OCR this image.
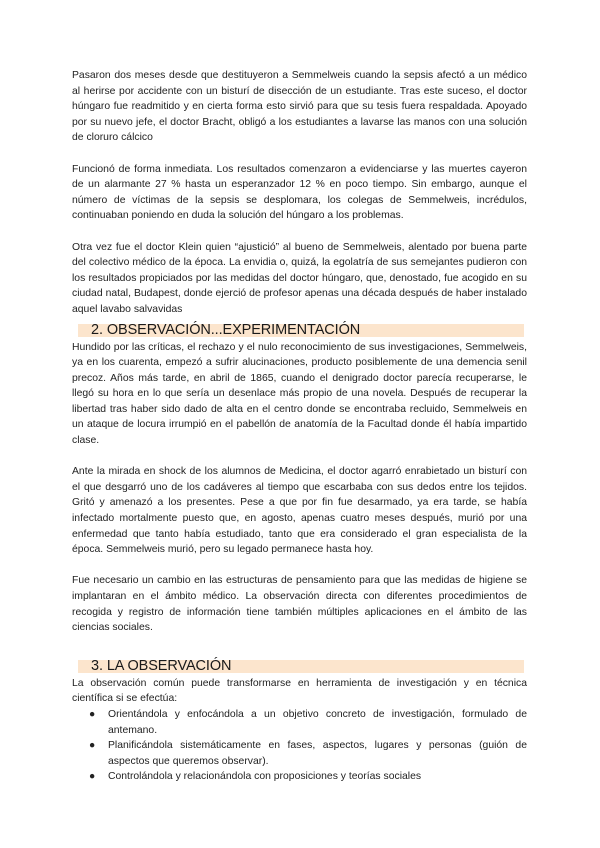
Pasaron dos meses desde que destituyeron a Semmelweis cuando la sepsis afectó a un médico al herirse por accidente con un bisturí de disección de un estudiante. Tras este suceso, el doctor húngaro fue readmitido y en cierta forma esto sirvió para que su tesis fuera respaldada. Apoyado por su nuevo jefe, el doctor Bracht, obligó a los estudiantes a lavarse las manos con una solución de cloruro cálcico

Funcionó de forma inmediata. Los resultados comenzaron a evidenciarse y las muertes cayeron de un alarmante 27 % hasta un esperanzador 12 % en poco tiempo. Sin embargo, aunque el número de víctimas de la sepsis se desplomara, los colegas de Semmelweis, incrédulos, continuaban poniendo en duda la solución del húngaro a los problemas.

Otra vez fue el doctor Klein quien “ajustició” al bueno de Semmelweis, alentado por buena parte del colectivo médico de la época. La envidia o, quizá, la egolatría de sus semejantes pudieron con los resultados propiciados por las medidas del doctor húngaro, que, denostado, fue acogido en su ciudad natal, Budapest, donde ejerció de profesor apenas una década después de haber instalado aquel lavabo salvavidas

2. OBSERVACIÓN...EXPERIMENTACIÓN

Hundido por las críticas, el rechazo y el nulo reconocimiento de sus investigaciones, Semmelweis, ya en los cuarenta, empezó a sufrir alucinaciones, producto posiblemente de una demencia senil precoz. Años más tarde, en abril de 1865, cuando el denigrado doctor parecía recuperarse, le llegó su hora en lo que sería un desenlace más propio de una novela. Después de recuperar la libertad tras haber sido dado de alta en el centro donde se encontraba recluido, Semmelweis en un ataque de locura irrumpió en el pabellón de anatomía de la Facultad donde él había impartido clase.

Ante la mirada en shock de los alumnos de Medicina, el doctor agarró enrabietado un bisturí con el que desgarró uno de los cadáveres al tiempo que escarbaba con sus dedos entre los tejidos. Gritó y amenazó a los presentes. Pese a que por fin fue desarmado, ya era tarde, se había infectado mortalmente puesto que, en agosto, apenas cuatro meses después, murió por una enfermedad que tanto había estudiado, tanto que era considerado el gran especialista de la época. Semmelweis murió, pero su legado permanece hasta hoy.

Fue necesario un cambio en las estructuras de pensamiento para que las medidas de higiene se implantaran en el ámbito médico. La observación directa con diferentes procedimientos de recogida y registro de información tiene también múltiples aplicaciones en el ámbito de las ciencias sociales.

3. LA OBSERVACIÓN

La observación común puede transformarse en herramienta de investigación y en técnica científica si se efectúa:

● Orientándola y enfocándola a un objetivo concreto de investigación, formulado de antemano.
● Planificándola sistemáticamente en fases, aspectos, lugares y personas (guión de aspectos que queremos observar).
● Controlándola y relacionándola con proposiciones y teorías sociales
